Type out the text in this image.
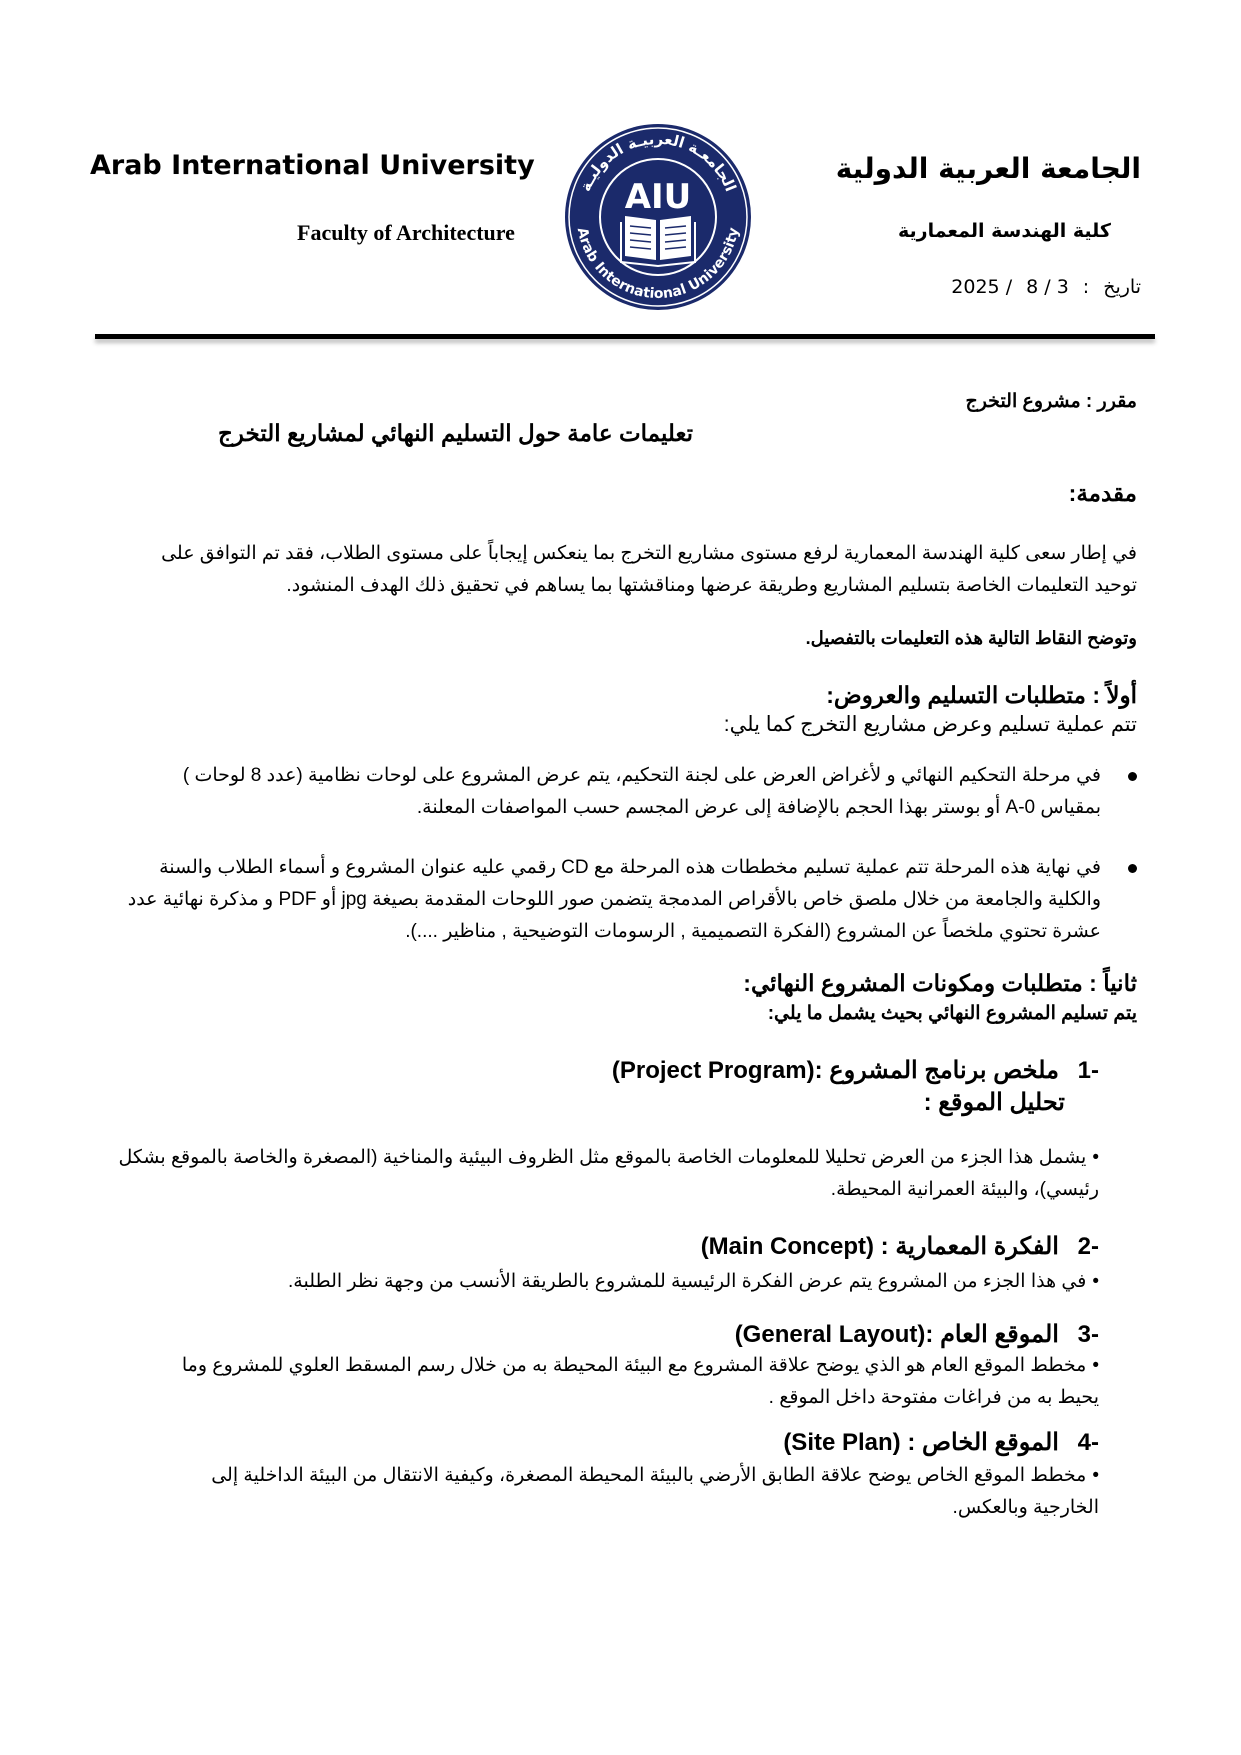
Arab International University
Faculty of Architecture
الجامعـة العربيـة الدوليـة
Arab International University
AIU
الجامعة العربية الدولية
كلية الهندسة المعمارية
تاريخ:3 / 8/ 2025
مقرر : مشروع التخرج
تعليمات عامة حول التسليم النهائي لمشاريع التخرج
مقدمة:
في إطار سعى كلية الهندسة المعمارية لرفع مستوى مشاريع التخرج بما ينعكس إيجاباً على مستوى الطلاب، فقد تم التوافق على توحيد التعليمات الخاصة بتسليم المشاريع وطريقة عرضها ومناقشتها بما يساهم في تحقيق ذلك الهدف المنشود.
وتوضح النقاط التالية هذه التعليمات بالتفصيل.
أولاً : متطلبات التسليم والعروض:
تتم عملية تسليم وعرض مشاريع التخرج كما يلي:
في مرحلة التحكيم النهائي و لأغراض العرض على لجنة التحكيم، يتم عرض المشروع على لوحات نظامية (عدد 8 لوحات ) بمقياس A-0 أو بوستر بهذا الحجم بالإضافة إلى عرض المجسم حسب المواصفات المعلنة.
في نهاية هذه المرحلة تتم عملية تسليم مخططات هذه المرحلة مع CD رقمي عليه عنوان المشروع و أسماء الطلاب والسنة والكلية والجامعة من خلال ملصق خاص بالأقراص المدمجة يتضمن صور اللوحات المقدمة بصيغة jpg أو PDF و مذكرة نهائية عدد عشرة تحتوي ملخصاً عن المشروع (الفكرة التصميمية , الرسومات التوضيحية , مناظير ....).
ثانياً : متطلبات ومكونات المشروع النهائي:
يتم تسليم المشروع النهائي بحيث يشمل ما يلي:
-1 ملخص برنامج المشروع (Project Program):
تحليل الموقع :
•يشمل هذا الجزء من العرض تحليلا للمعلومات الخاصة بالموقع مثل الظروف البيئية والمناخية (المصغرة والخاصة بالموقع بشكل رئيسي)، والبيئة العمرانية المحيطة.
-2 الفكرة المعمارية (Main Concept) :
•في هذا الجزء من المشروع يتم عرض الفكرة الرئيسية للمشروع بالطريقة الأنسب من وجهة نظر الطلبة.
-3 الموقع العام (General Layout):
•مخطط الموقع العام هو الذي يوضح علاقة المشروع مع البيئة المحيطة به من خلال رسم المسقط العلوي للمشروع وما يحيط به من فراغات مفتوحة داخل الموقع .
-4 الموقع الخاص (Site Plan) :
•مخطط الموقع الخاص يوضح علاقة الطابق الأرضي بالبيئة المحيطة المصغرة، وكيفية الانتقال من البيئة الداخلية إلى الخارجية وبالعكس.
